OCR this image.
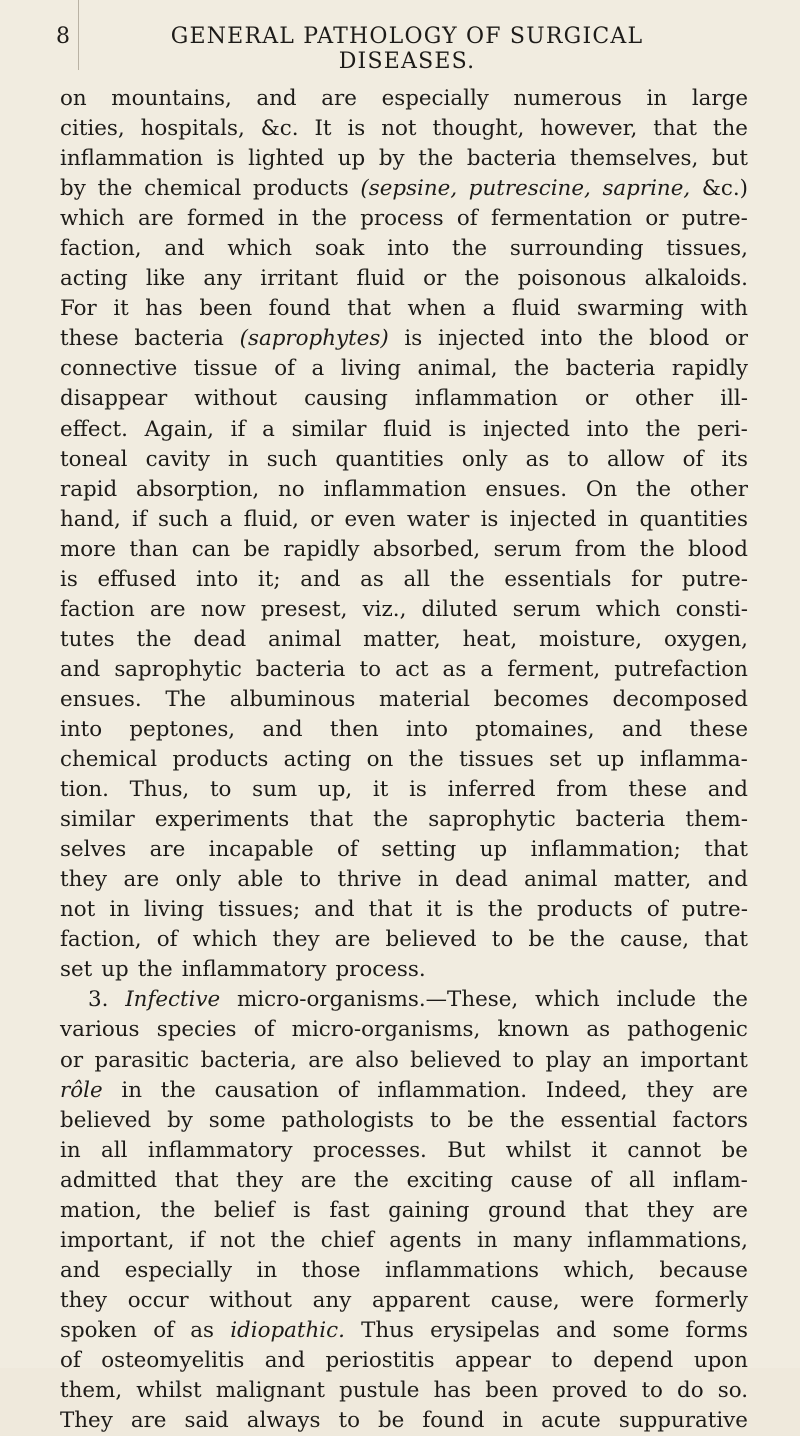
8	GENERAL PATHOLOGY OF SURGICAL DISEASES.
on mountains, and are especially numerous in large
cities, hospitals, &c. It is not thought, however, that the
inflammation is lighted up by the bacteria themselves, but
by the chemical products (sepsine, putrescine, saprine, &c.)
which are formed in the process of fermentation or putre-
faction, and which soak into the surrounding tissues,
acting like any irritant fluid or the poisonous alkaloids.
For it has been found that when a fluid swarming with
these bacteria (saprophytes) is injected into the blood or
connective tissue of a living animal, the bacteria rapidly
disappear without causing inflammation or other ill-
effect. Again, if a similar fluid is injected into the peri-
toneal cavity in such quantities only as to allow of its
rapid absorption, no inflammation ensues. On the other
hand, if such a fluid, or even water is injected in quantities
more than can be rapidly absorbed, serum from the blood
is effused into it; and as all the essentials for putre-
faction are now presest, viz., diluted serum which consti-
tutes the dead animal matter, heat, moisture, oxygen,
and saprophytic bacteria to act as a ferment, putrefaction
ensues. The albuminous material becomes decomposed
into peptones, and then into ptomaines, and these
chemical products acting on the tissues set up inflamma-
tion. Thus, to sum up, it is inferred from these and
similar experiments that the saprophytic bacteria them-
selves are incapable of setting up inflammation; that
they are only able to thrive in dead animal matter, and
not in living tissues; and that it is the products of putre-
faction, of which they are believed to be the cause, that
set up the inflammatory process.
3. Infective micro-organisms.—These, which include the
various species of micro-organisms, known as pathogenic
or parasitic bacteria, are also believed to play an important
rôle in the causation of inflammation. Indeed, they are
believed by some pathologists to be the essential factors
in all inflammatory processes. But whilst it cannot be
admitted that they are the exciting cause of all inflam-
mation, the belief is fast gaining ground that they are
important, if not the chief agents in many inflammations,
and especially in those inflammations which, because
they occur without any apparent cause, were formerly
spoken of as idiopathic. Thus erysipelas and some forms
of osteomyelitis and periostitis appear to depend upon
them, whilst malignant pustule has been proved to do so.
They are said always to be found in acute suppurative
